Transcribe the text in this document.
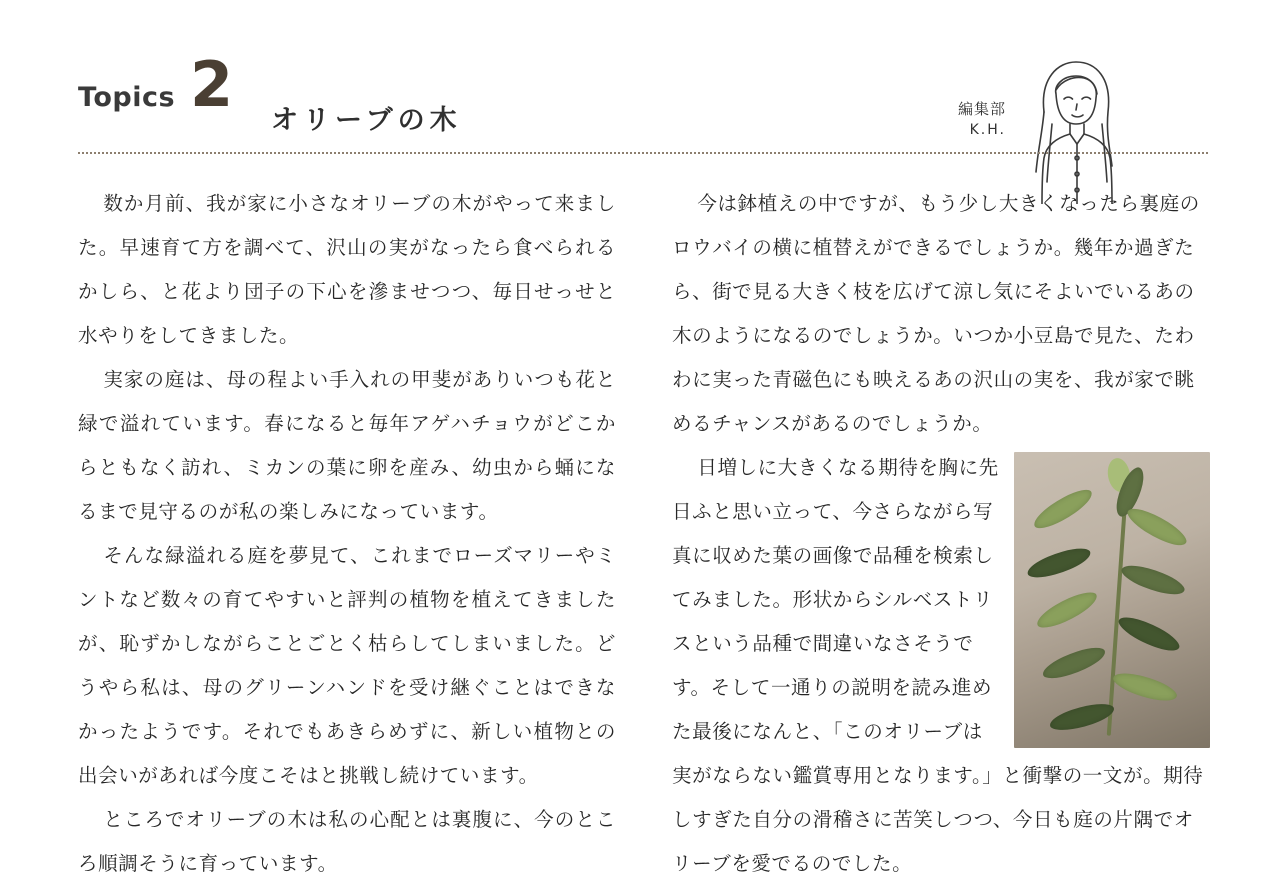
Topics 2 オリーブの木	編集部
K.H.

数か月前、我が家に小さなオリーブの木がやって来ました。早速育て方を調べて、沢山の実がなったら食べられるかしら、と花より団子の下心を滲ませつつ、毎日せっせと水やりをしてきました。

実家の庭は、母の程よい手入れの甲斐がありいつも花と緑で溢れています。春になると毎年アゲハチョウがどこからともなく訪れ、ミカンの葉に卵を産み、幼虫から蛹になるまで見守るのが私の楽しみになっています。

そんな緑溢れる庭を夢見て、これまでローズマリーやミントなど数々の育てやすいと評判の植物を植えてきましたが、恥ずかしながらことごとく枯らしてしまいました。どうやら私は、母のグリーンハンドを受け継ぐことはできなかったようです。それでもあきらめずに、新しい植物との出会いがあれば今度こそはと挑戦し続けています。

ところでオリーブの木は私の心配とは裏腹に、今のところ順調そうに育っています。

今は鉢植えの中ですが、もう少し大きくなったら裏庭のロウバイの横に植替えができるでしょうか。幾年か過ぎたら、街で見る大きく枝を広げて涼し気にそよいでいるあの木のようになるのでしょうか。いつか小豆島で見た、たわわに実った青磁色にも映えるあの沢山の実を、我が家で眺めるチャンスがあるのでしょうか。

日増しに大きくなる期待を胸に先日ふと思い立って、今さらながら写真に収めた葉の画像で品種を検索してみました。形状からシルベストリスという品種で間違いなさそうです。そして一通りの説明を読み進めた最後になんと、「このオリーブは実がならない鑑賞専用となります。」と衝撃の一文が。期待しすぎた自分の滑稽さに苦笑しつつ、今日も庭の片隅でオリーブを愛でるのでした。
